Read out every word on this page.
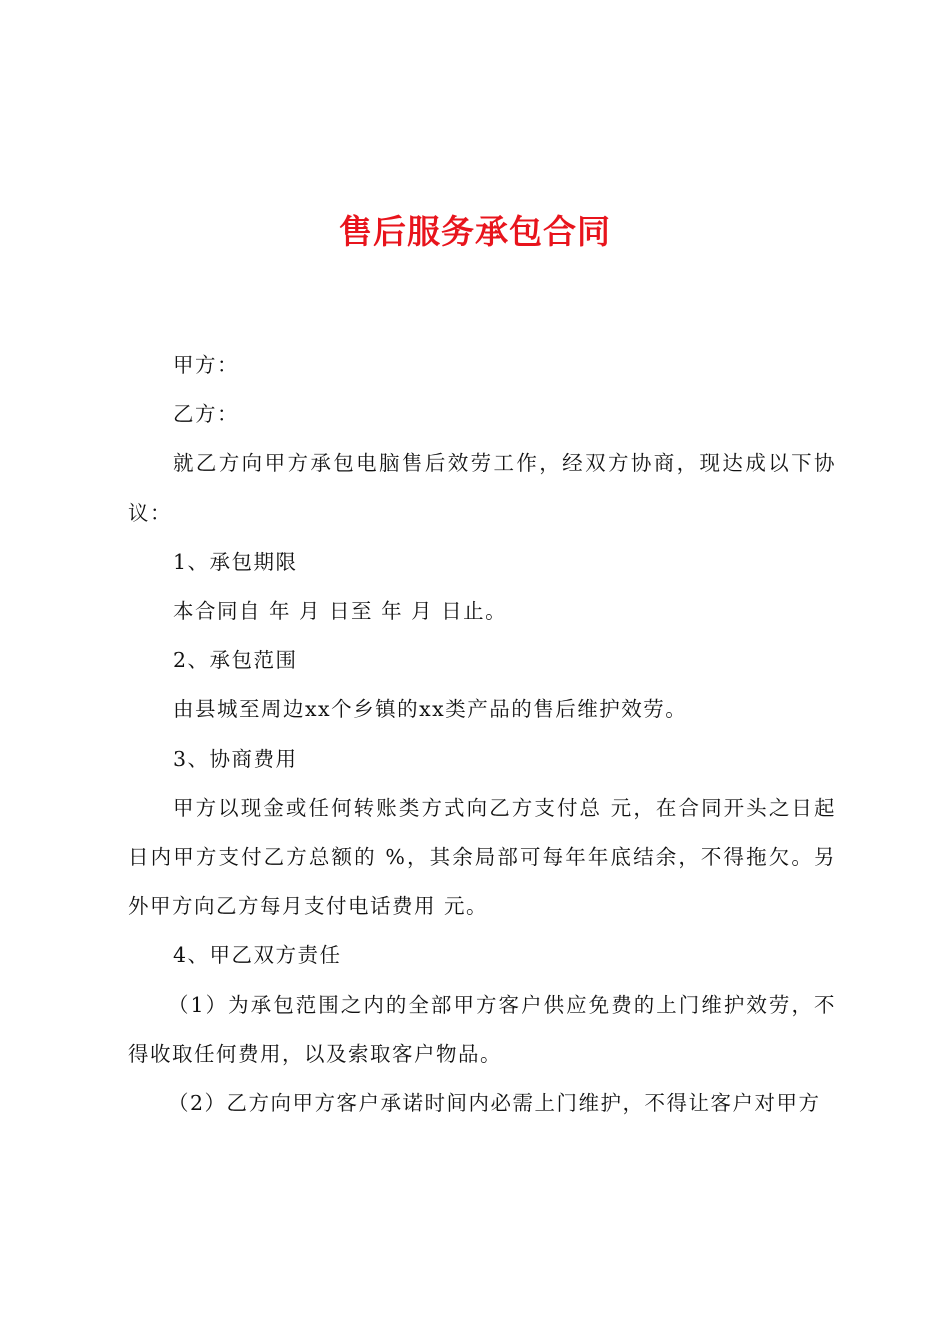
售后服务承包合同

甲方：

乙方：

就乙方向甲方承包电脑售后效劳工作，经双方协商，现达成以下协议：

1、承包期限

本合同自 年 月 日至 年 月 日止。

2、承包范围

由县城至周边xx个乡镇的xx类产品的售后维护效劳。

3、协商费用

甲方以现金或任何转账类方式向乙方支付总 元，在合同开头之日起 日内甲方支付乙方总额的 %，其余局部可每年年底结余，不得拖欠。另外甲方向乙方每月支付电话费用 元。

4、甲乙双方责任

（1）为承包范围之内的全部甲方客户供应免费的上门维护效劳，不得收取任何费用，以及索取客户物品。

（2）乙方向甲方客户承诺时间内必需上门维护，不得让客户对甲方
